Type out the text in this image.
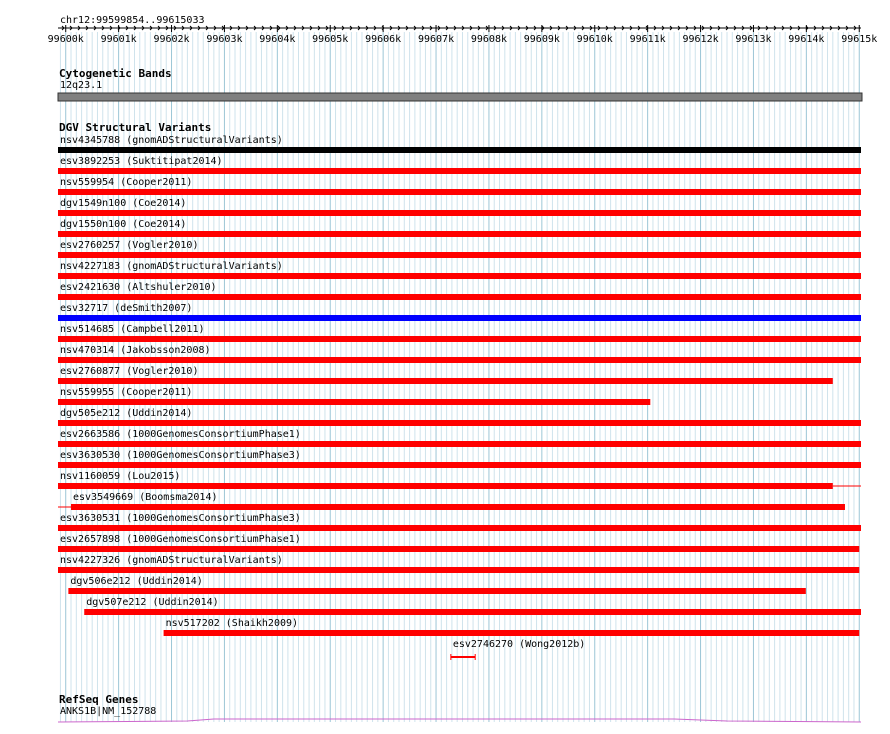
chr12:99599854..99615033
99600k 99601k 99602k 99603k 99604k 99605k 99606k 99607k 99608k 99609k 99610k 99611k 99612k 99613k 99614k 99615k
Cytogenetic Bands
12q23.1
DGV Structural Variants
nsv4345788 (gnomADStructuralVariants)
esv3892253 (Suktitipat2014)
nsv559954 (Cooper2011)
dgv1549n100 (Coe2014)
dgv1550n100 (Coe2014)
esv2760257 (Vogler2010)
nsv4227183 (gnomADStructuralVariants)
esv2421630 (Altshuler2010)
esv32717 (deSmith2007)
nsv514685 (Campbell2011)
nsv470314 (Jakobsson2008)
esv2760877 (Vogler2010)
nsv559955 (Cooper2011)
dgv505e212 (Uddin2014)
esv2663586 (1000GenomesConsortiumPhase1)
esv3630530 (1000GenomesConsortiumPhase3)
nsv1160059 (Lou2015)
esv3549669 (Boomsma2014)
esv3630531 (1000GenomesConsortiumPhase3)
esv2657898 (1000GenomesConsortiumPhase1)
nsv4227326 (gnomADStructuralVariants)
dgv506e212 (Uddin2014)
dgv507e212 (Uddin2014)
nsv517202 (Shaikh2009)
esv2746270 (Wong2012b)
RefSeq Genes
ANKS1B|NM_152788
